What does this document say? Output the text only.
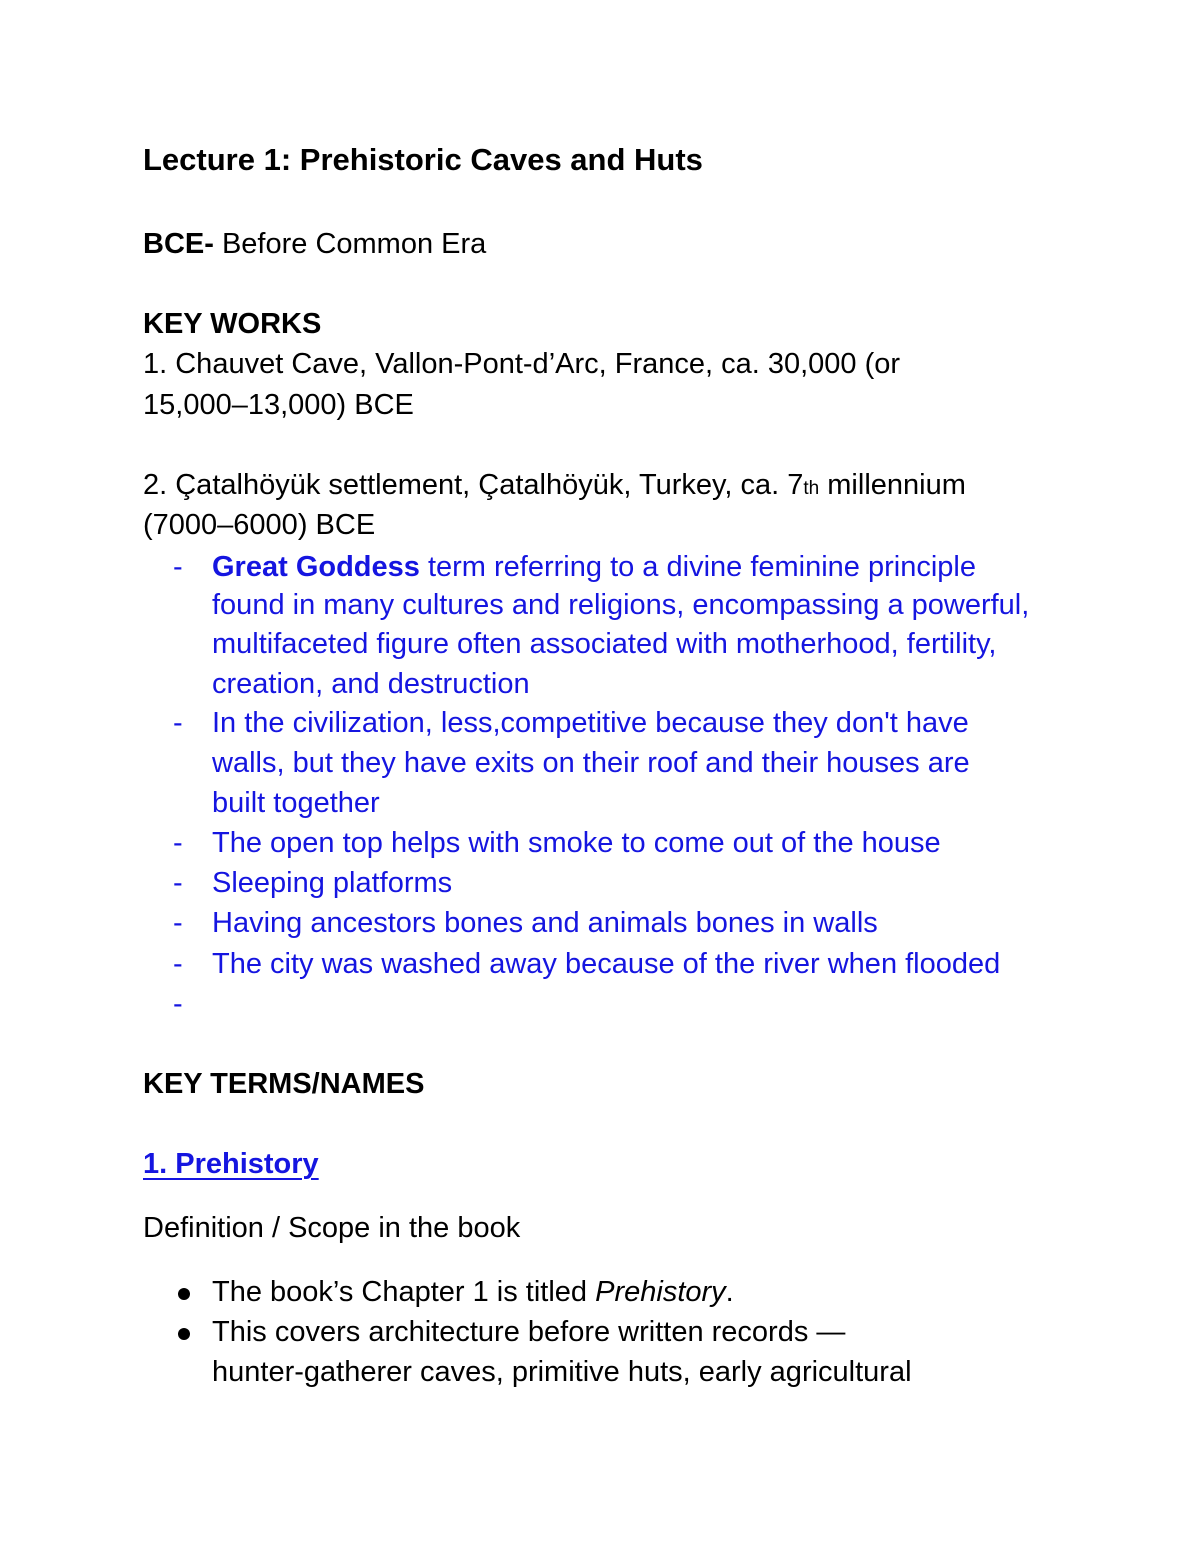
Lecture 1: Prehistoric Caves and Huts
BCE- Before Common Era
KEY WORKS
1. Chauvet Cave, Vallon-Pont-d’Arc, France, ca. 30,000 (or
15,000–13,000) BCE
2. Çatalhöyük settlement, Çatalhöyük, Turkey, ca. 7th millennium
(7000–6000) BCE
-	Great Goddess term referring to a divine feminine principle
found in many cultures and religions, encompassing a powerful,
multifaceted figure often associated with motherhood, fertility,
creation, and destruction
-	In the civilization, less,competitive because they don't have
walls, but they have exits on their roof and their houses are
built together
-	The open top helps with smoke to come out of the house
-	Sleeping platforms
-	Having ancestors bones and animals bones in walls
-	The city was washed away because of the river when flooded
-
KEY TERMS/NAMES
1. Prehistory
Definition / Scope in the book
The book’s Chapter 1 is titled Prehistory.
This covers architecture before written records —
hunter-gatherer caves, primitive huts, early agricultural
